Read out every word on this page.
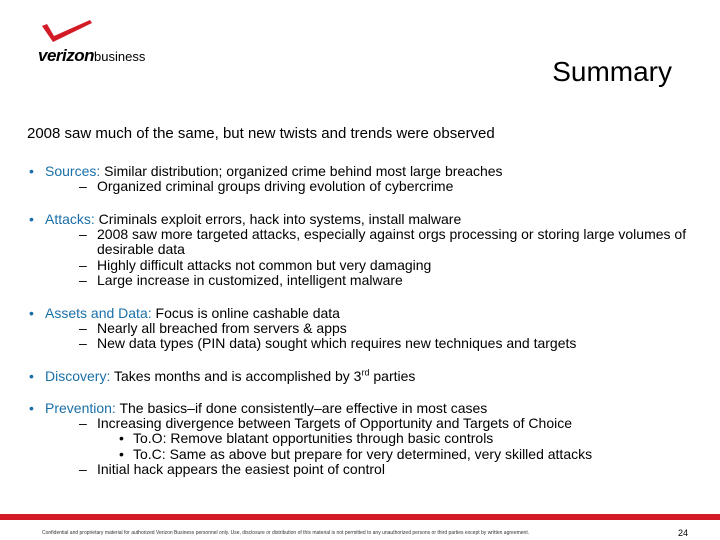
verizonbusiness	Summary

2008 saw much of the same, but new twists and trends were observed

• Sources: Similar distribution; organized crime behind most large breaches
– Organized criminal groups driving evolution of cybercrime
• Attacks: Criminals exploit errors, hack into systems, install malware
– 2008 saw more targeted attacks, especially against orgs processing or storing large volumes of desirable data
– Highly difficult attacks not common but very damaging
– Large increase in customized, intelligent malware
• Assets and Data: Focus is online cashable data
– Nearly all breached from servers & apps
– New data types (PIN data) sought which requires new techniques and targets
• Discovery: Takes months and is accomplished by 3rd parties
• Prevention: The basics–if done consistently–are effective in most cases
– Increasing divergence between Targets of Opportunity and Targets of Choice
• To.O: Remove blatant opportunities through basic controls
• To.C: Same as above but prepare for very determined, very skilled attacks
– Initial hack appears the easiest point of control
Confidential and proprietary material for authorized Verizon Business personnel only. Use, disclosure or distribution of this material is not permitted to any unauthorized persons or third parties except by written agreement.	24
